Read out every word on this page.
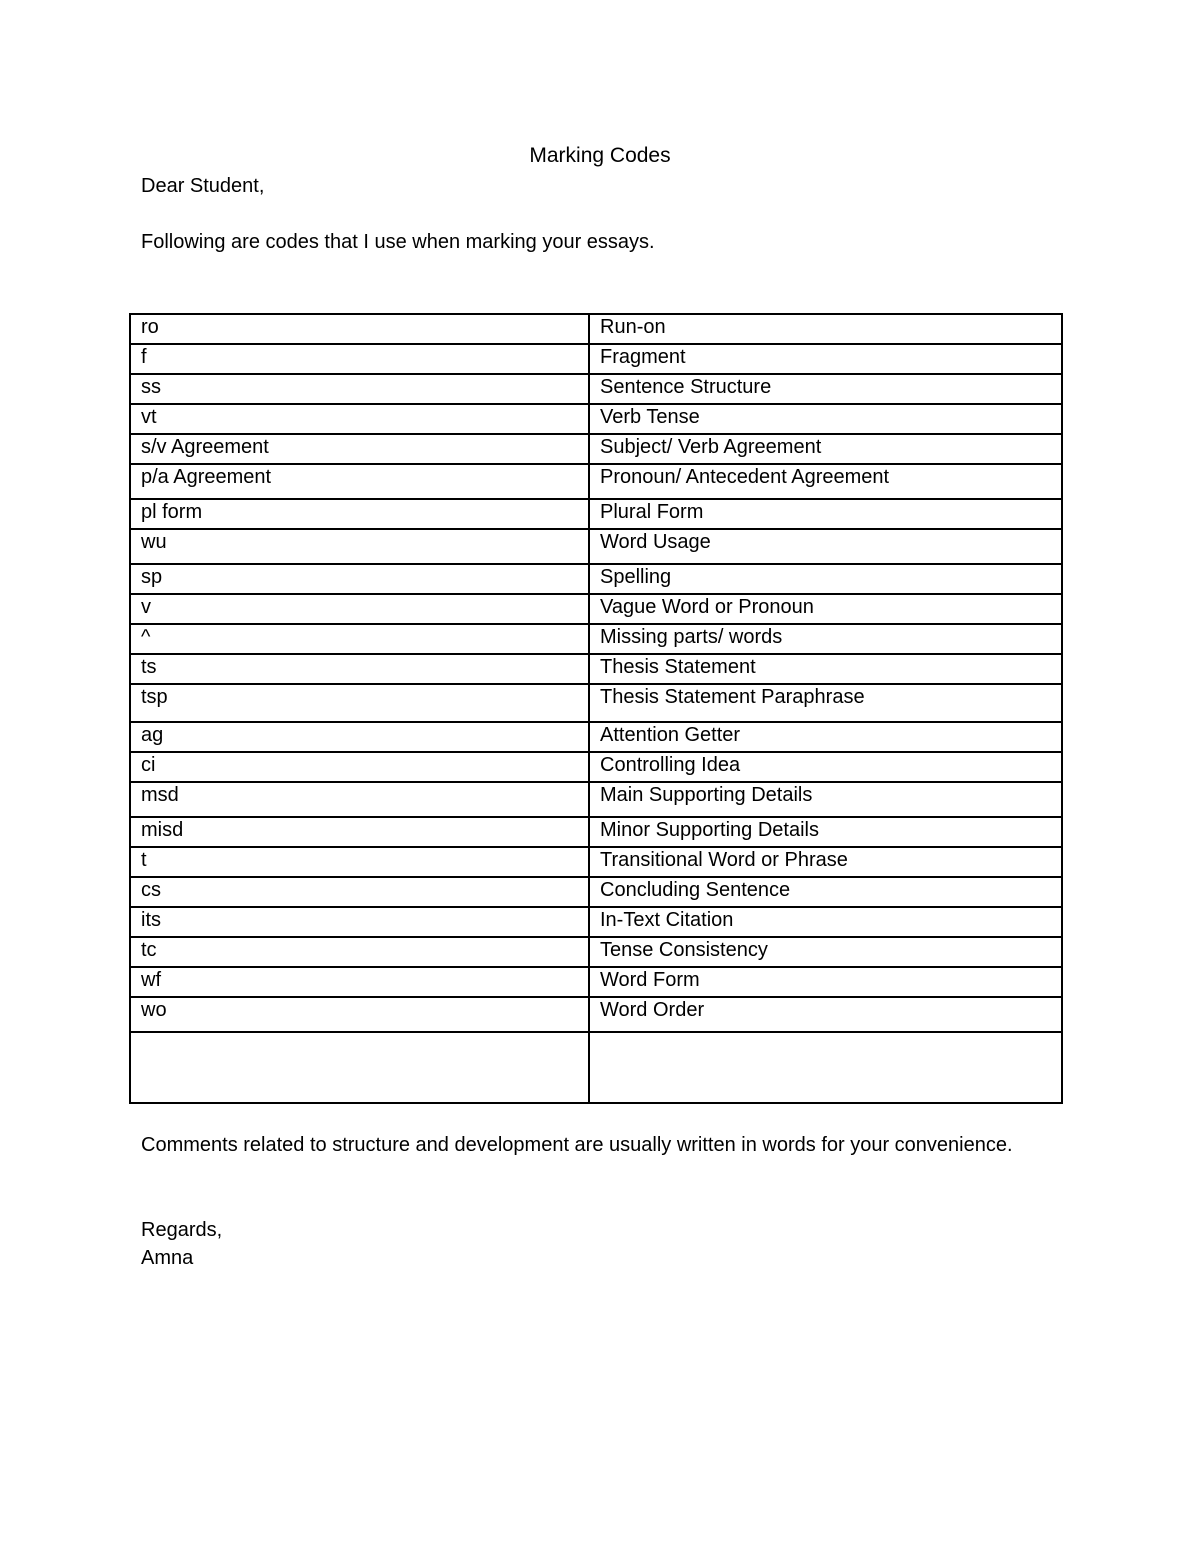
Marking Codes
Dear Student,
Following are codes that I use when marking your essays.
ro	Run-on
f	Fragment
ss	Sentence Structure
vt	Verb Tense
s/v Agreement	Subject/ Verb Agreement
p/a Agreement	Pronoun/ Antecedent Agreement
pl form	Plural Form
wu	Word Usage
sp	Spelling
v	Vague Word or Pronoun
^	Missing parts/ words
ts	Thesis Statement
tsp	Thesis Statement Paraphrase
ag	Attention Getter
ci	Controlling Idea
msd	Main Supporting Details
misd	Minor Supporting Details
t	Transitional Word or Phrase
cs	Concluding Sentence
its	In-Text Citation
tc	Tense Consistency
wf	Word Form
wo	Word Order

Comments related to structure and development are usually written in words for your convenience.
Regards,
Amna
